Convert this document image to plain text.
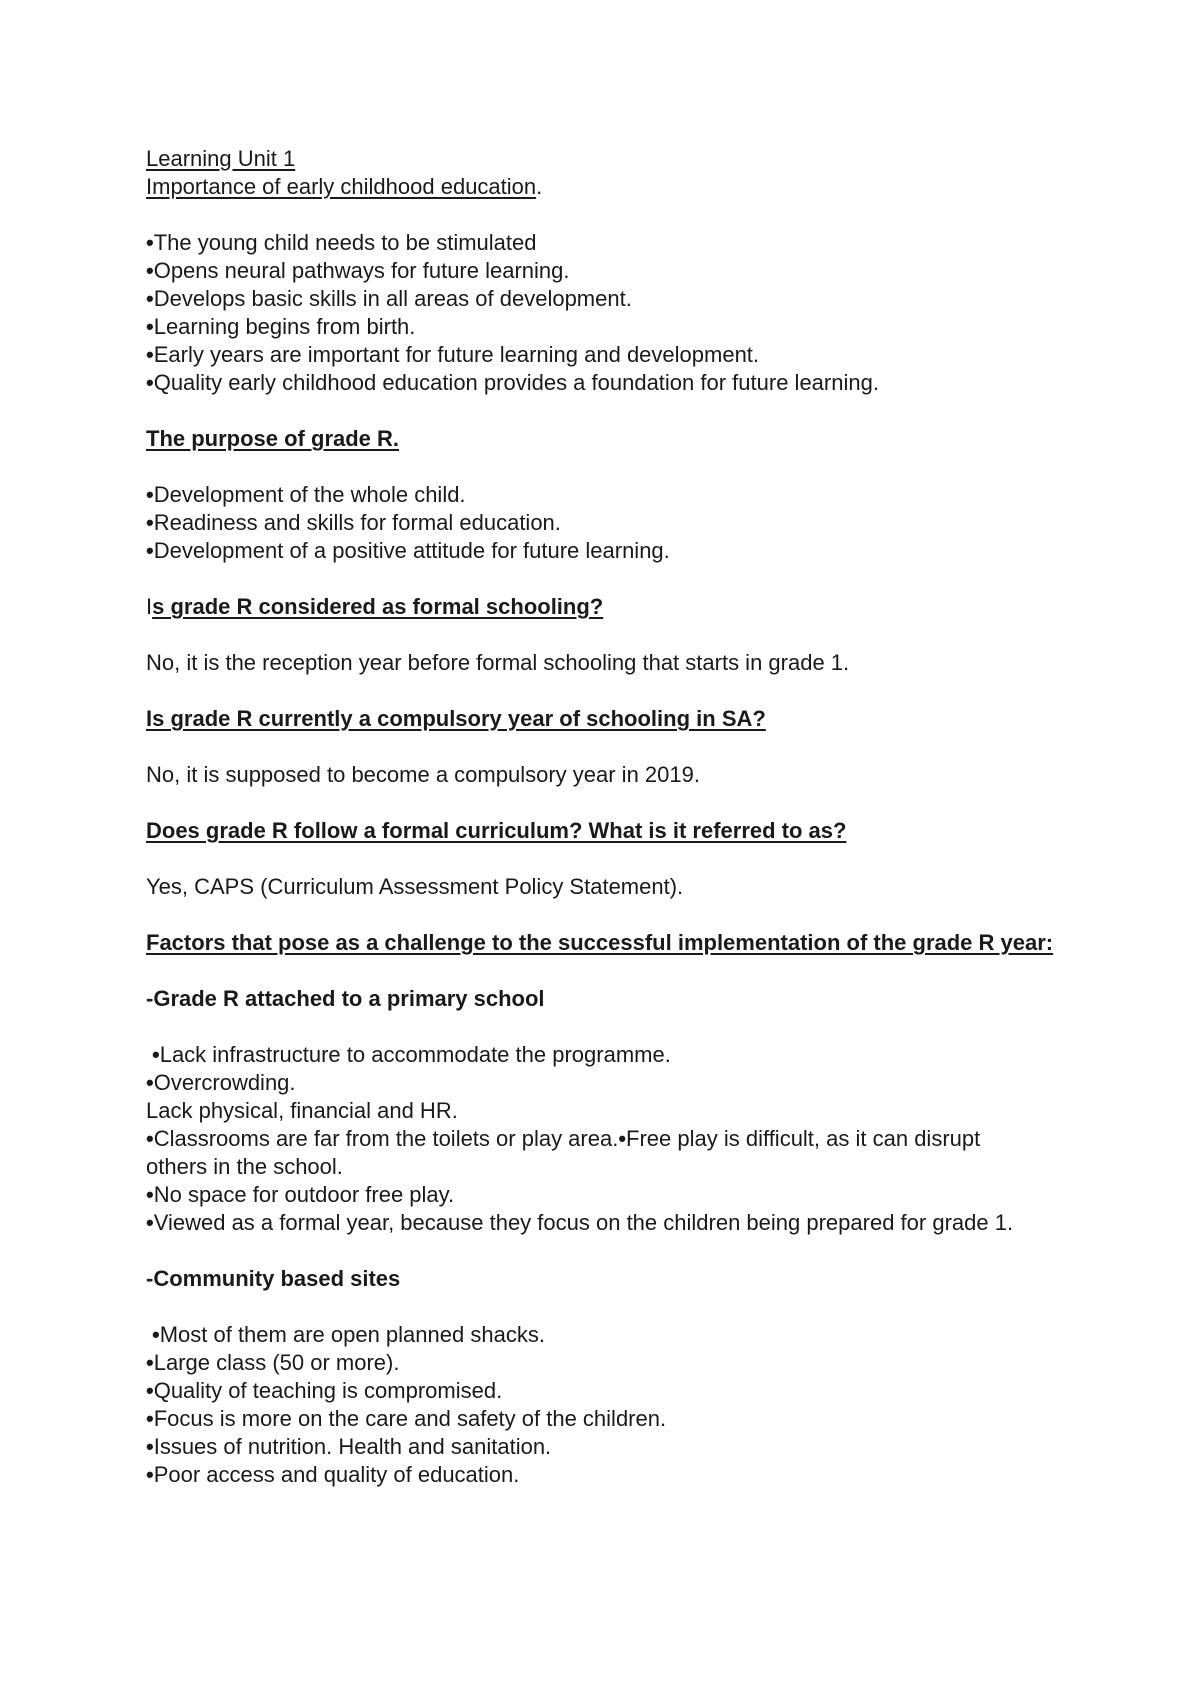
Learning Unit 1
Importance of early childhood education.
• The young child needs to be stimulated
• Opens neural pathways for future learning.
• Develops basic skills in all areas of development.
• Learning begins from birth.
• Early years are important for future learning and development.
• Quality early childhood education provides a foundation for future learning.
The purpose of grade R.
• Development of the whole child.
• Readiness and skills for formal education.
• Development of a positive attitude for future learning.
Is grade R considered as formal schooling?
No, it is the reception year before formal schooling that starts in grade 1.
Is grade R currently a compulsory year of schooling in SA?
No, it is supposed to become a compulsory year in 2019.
Does grade R follow a formal curriculum? What is it referred to as?
Yes, CAPS (Curriculum Assessment Policy Statement).
Factors that pose as a challenge to the successful implementation of the grade R year:
-Grade R attached to a primary school
• Lack infrastructure to accommodate the programme.
• Overcrowding.
Lack physical, financial and HR.
• Classrooms are far from the toilets or play area.• Free play is difficult, as it can disrupt others in the school.
• No space for outdoor free play.
• Viewed as a formal year, because they focus on the children being prepared for grade 1.
-Community based sites
• Most of them are open planned shacks.
• Large class (50 or more).
• Quality of teaching is compromised.
• Focus is more on the care and safety of the children.
• Issues of nutrition. Health and sanitation.
• Poor access and quality of education.
